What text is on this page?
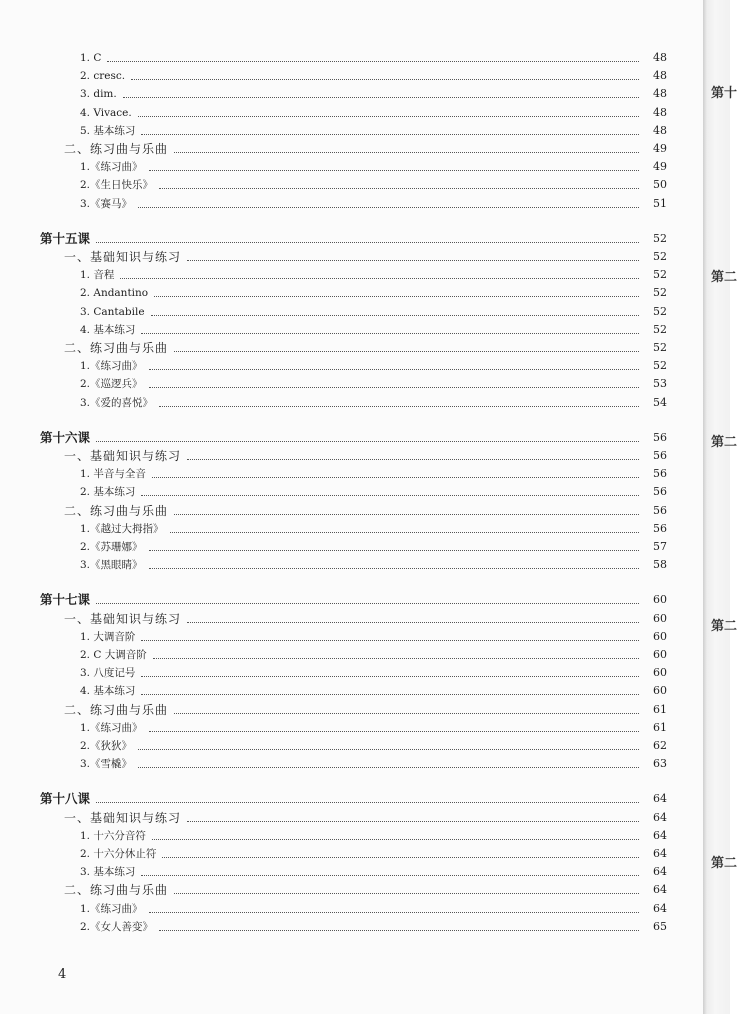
1. C	48
2. cresc.	48
3. dim.	48
4. Vivace.	48
5. 基本练习	48
二、练习曲与乐曲	49
1.《练习曲》	49
2.《生日快乐》	50
3.《赛马》	51
第十五课	52
一、基础知识与练习	52
1. 音程	52
2. Andantino	52
3. Cantabile	52
4. 基本练习	52
二、练习曲与乐曲	52
1.《练习曲》	52
2.《巡逻兵》	53
3.《爱的喜悦》	54
第十六课	56
一、基础知识与练习	56
1. 半音与全音	56
2. 基本练习	56
二、练习曲与乐曲	56
1.《越过大拇指》	56
2.《苏珊娜》	57
3.《黑眼睛》	58
第十七课	60
一、基础知识与练习	60
1. 大调音阶	60
2. C 大调音阶	60
3. 八度记号	60
4. 基本练习	60
二、练习曲与乐曲	61
1.《练习曲》	61
2.《狄狄》	62
3.《雪橇》	63
第十八课	64
一、基础知识与练习	64
1. 十六分音符	64
2. 十六分休止符	64
3. 基本练习	64
二、练习曲与乐曲	64
1.《练习曲》	64
2.《女人善变》	65
4
第十
第二
第二
第二
第二
